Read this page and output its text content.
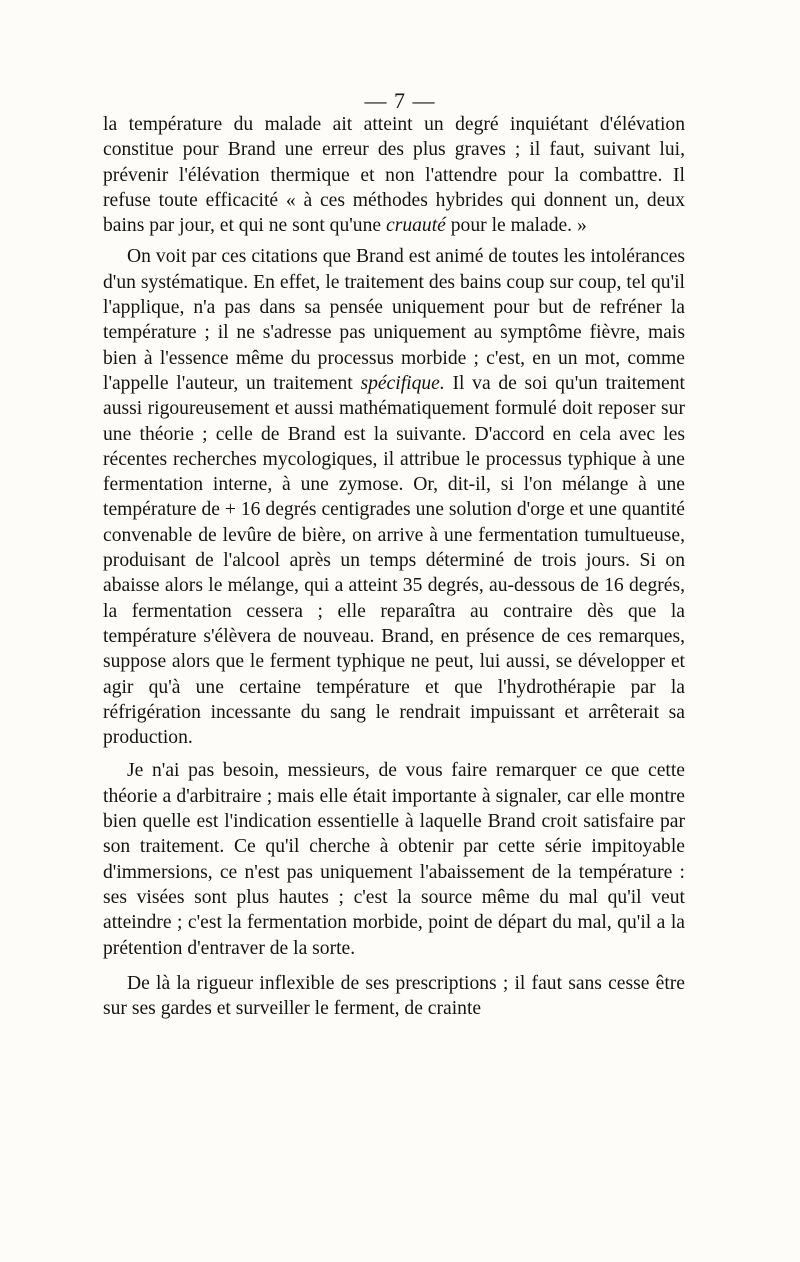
— 7 —

la température du malade ait atteint un degré inquiétant d'élévation constitue pour Brand une erreur des plus graves ; il faut, suivant lui, prévenir l'élévation thermique et non l'attendre pour la combattre. Il refuse toute efficacité « à ces méthodes hybrides qui donnent un, deux bains par jour, et qui ne sont qu'une cruauté pour le malade. »

On voit par ces citations que Brand est animé de toutes les intolérances d'un systématique. En effet, le traitement des bains coup sur coup, tel qu'il l'applique, n'a pas dans sa pensée uniquement pour but de refréner la température ; il ne s'adresse pas uniquement au symptôme fièvre, mais bien à l'essence même du processus morbide ; c'est, en un mot, comme l'appelle l'auteur, un traitement spécifique. Il va de soi qu'un traitement aussi rigoureusement et aussi mathématiquement formulé doit reposer sur une théorie ; celle de Brand est la suivante. D'accord en cela avec les récentes recherches mycologiques, il attribue le processus typhique à une fermentation interne, à une zymose. Or, dit-il, si l'on mélange à une température de + 16 degrés centigrades une solution d'orge et une quantité convenable de levûre de bière, on arrive à une fermentation tumultueuse, produisant de l'alcool après un temps déterminé de trois jours. Si on abaisse alors le mélange, qui a atteint 35 degrés, au-dessous de 16 degrés, la fermentation cessera ; elle reparaîtra au contraire dès que la température s'élèvera de nouveau. Brand, en présence de ces remarques, suppose alors que le ferment typhique ne peut, lui aussi, se développer et agir qu'à une certaine température et que l'hydrothérapie par la réfrigération incessante du sang le rendrait impuissant et arrêterait sa production.

Je n'ai pas besoin, messieurs, de vous faire remarquer ce que cette théorie a d'arbitraire ; mais elle était importante à signaler, car elle montre bien quelle est l'indication essentielle à laquelle Brand croit satisfaire par son traitement. Ce qu'il cherche à obtenir par cette série impitoyable d'immersions, ce n'est pas uniquement l'abaissement de la température : ses visées sont plus hautes ; c'est la source même du mal qu'il veut atteindre ; c'est la fermentation morbide, point de départ du mal, qu'il a la prétention d'entraver de la sorte.

De là la rigueur inflexible de ses prescriptions ; il faut sans cesse être sur ses gardes et surveiller le ferment, de crainte
